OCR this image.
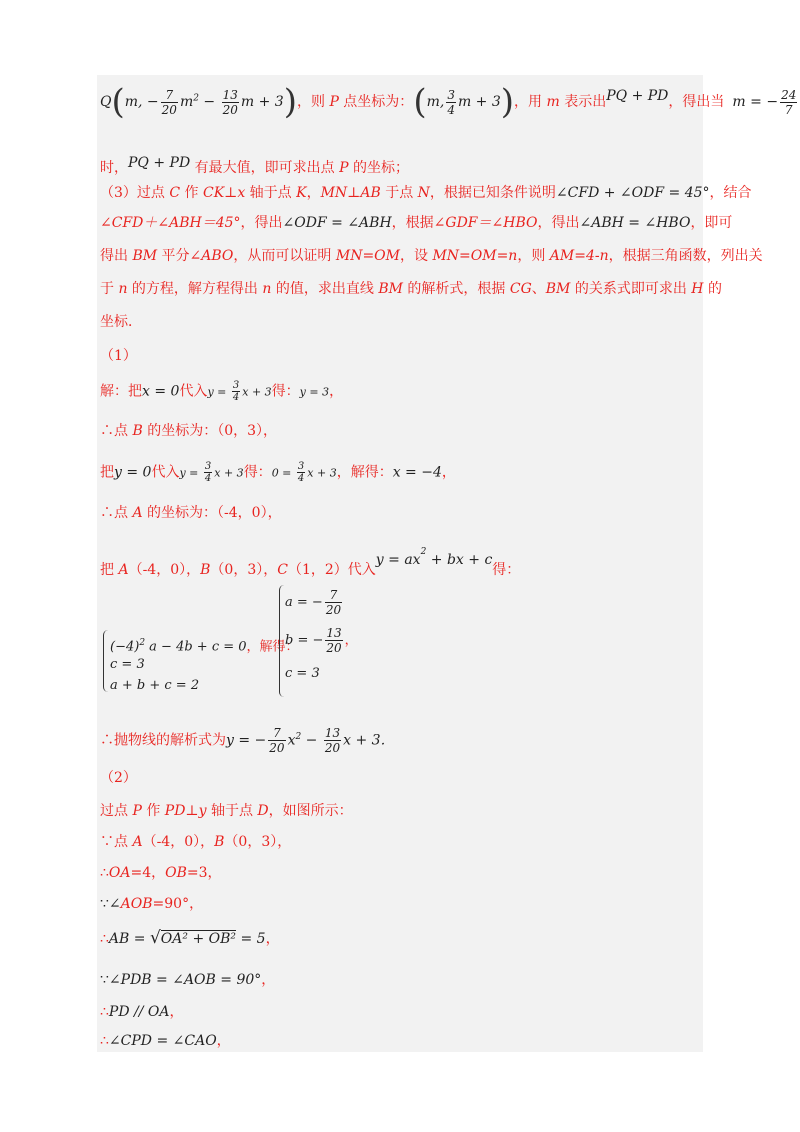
Q(m, − $\frac{7}{20} m^2 - \frac{13}{20}$ m + 3)，则 P 点坐标为：(m, $\frac{3}{4}$ m + 3)，用 m 表示出PQ + PD，得出当 m = − $\frac{24}{7}$
时，PQ + PD 有最大值，即可求出点 P 的坐标；
（3）过点 C 作 CK⊥x 轴于点 K，MN⊥AB 于点 N，根据已知条件说明∠CFD + ∠ODF = 45°，结合
∠CFD＋∠ABH＝45°，得出∠ODF = ∠ABH，根据∠GDF＝∠HBO，得出∠ABH = ∠HBO，即可
得出 BM 平分∠ABO，从而可以证明 MN=OM，设 MN=OM=n，则 AM=4-n，根据三角函数，列出关
于 n 的方程，解方程得出 n 的值，求出直线 BM 的解析式，根据 CG、BM 的关系式即可求出 H 的
坐标．
（1）
解：把x = 0代入$y = \frac{3}{4}$ x + 3得：y = 3，
∴点 B 的坐标为：（0，3），
把y = 0代入$y = \frac{3}{4}$ x + 3得：$0 = \frac{3}{4}$ x + 3，解得：x = −4，
∴点 A 的坐标为：（-4，0），
把 A（-4，0），B（0，3），C（1，2）代入$y = ax^2$ + bx + c得：
$(-4)^2$ a − 4b + c = 0，解得：
c = 3
a + b + c = 2
a = − $\frac{7}{20}$
b = − $\frac{13}{20}$ ，
c = 3
∴抛物线的解析式为y = − $\frac{7}{20} x^2 - \frac{13}{20}$ x + 3．
（2）
过点 P 作 PD⊥y 轴于点 D，如图所示：
∵点 A（-4，0），B（0，3），
∴OA=4，OB=3，
∵∠AOB=90°，
∴AB = √OA² + OB² = 5，
∵∠PDB = ∠AOB = 90°，
∴PD // OA，
∴∠CPD = ∠CAO，
